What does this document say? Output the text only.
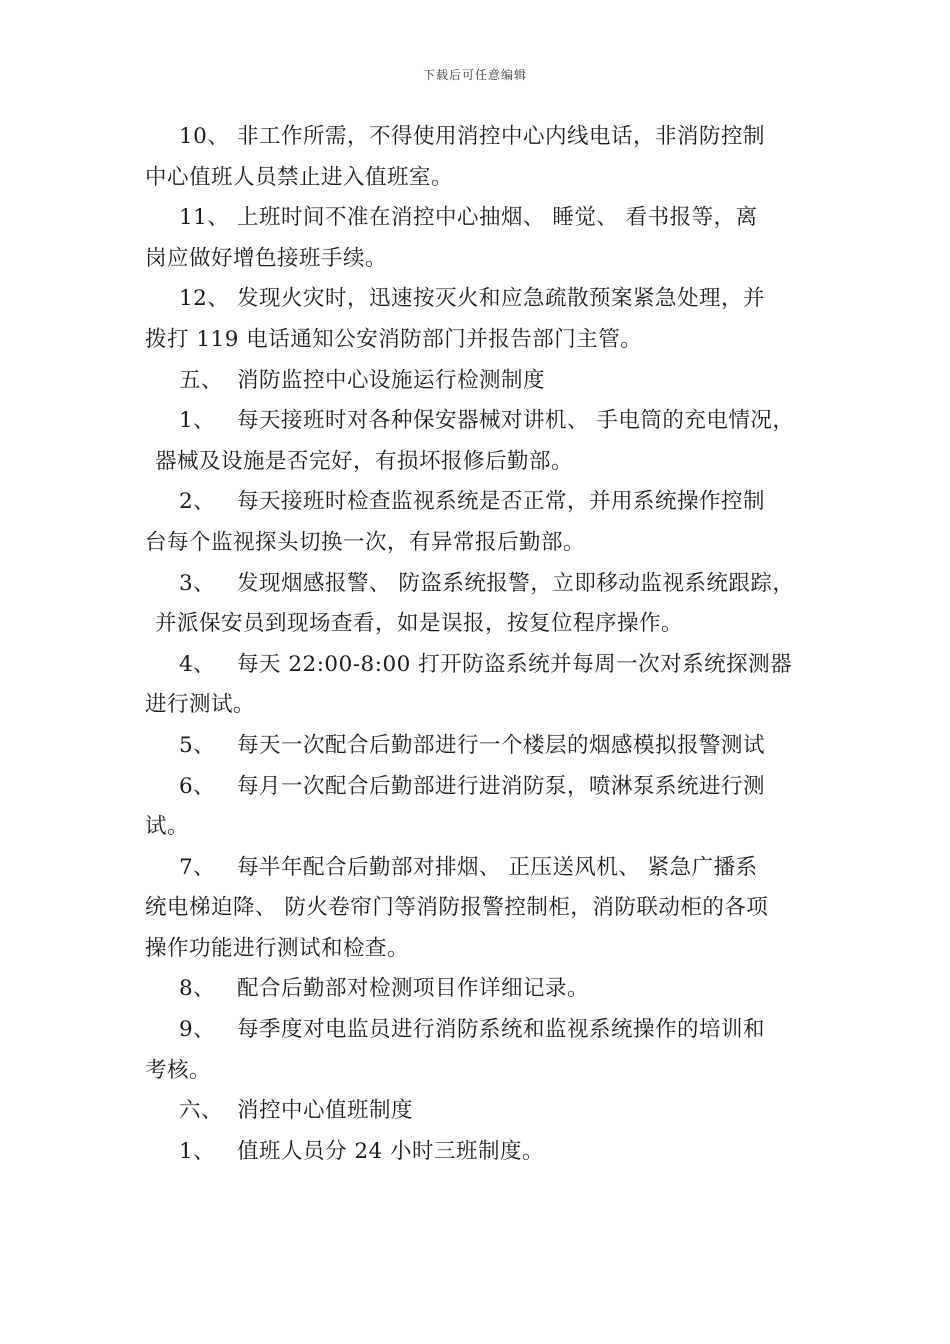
下载后可任意编辑
10、 非工作所需，不得使用消控中心内线电话，非消防控制
中心值班人员禁止进入值班室。
11、 上班时间不准在消控中心抽烟、 睡觉、 看书报等，离
岗应做好增色接班手续。
12、 发现火灾时，迅速按灭火和应急疏散预案紧急处理，并
拨打 119 电话通知公安消防部门并报告部门主管。
五、 消防监控中心设施运行检测制度
1、 每天接班时对各种保安器械对讲机、 手电筒的充电情况，
器械及设施是否完好，有损坏报修后勤部。
2、 每天接班时检查监视系统是否正常，并用系统操作控制
台每个监视探头切换一次，有异常报后勤部。
3、 发现烟感报警、 防盗系统报警，立即移动监视系统跟踪，
并派保安员到现场查看，如是误报，按复位程序操作。
4、 每天 22:00-8:00 打开防盗系统并每周一次对系统探测器
进行测试。
5、 每天一次配合后勤部进行一个楼层的烟感模拟报警测试
6、 每月一次配合后勤部进行进消防泵，喷淋泵系统进行测
试。
7、 每半年配合后勤部对排烟、 正压送风机、 紧急广播系
统电梯迫降、 防火卷帘门等消防报警控制柜，消防联动柜的各项
操作功能进行测试和检查。
8、 配合后勤部对检测项目作详细记录。
9、 每季度对电监员进行消防系统和监视系统操作的培训和
考核。
六、 消控中心值班制度
1、 值班人员分 24 小时三班制度。
